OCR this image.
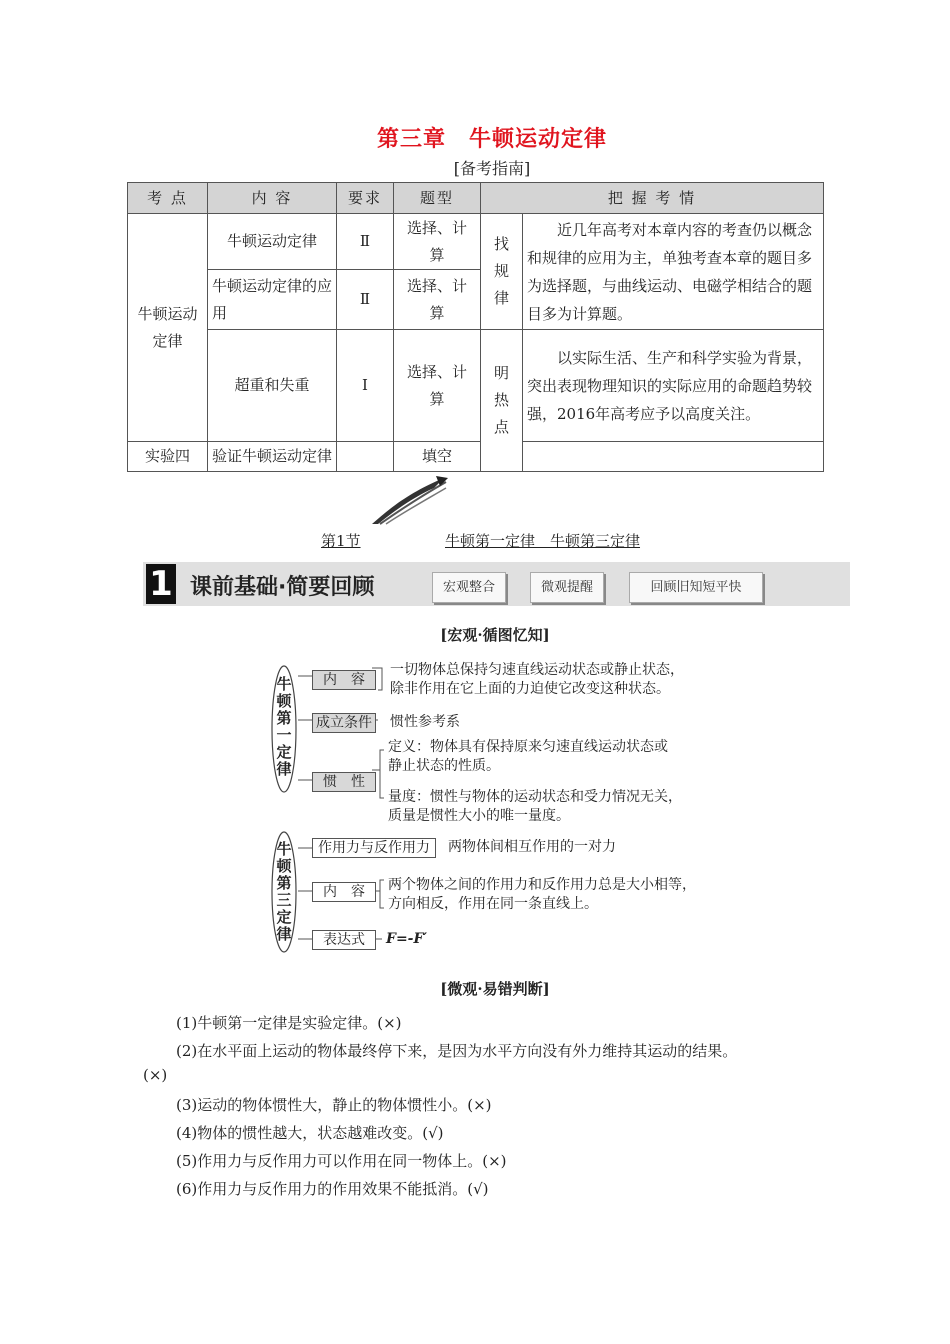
第三章　牛顿运动定律
[备考指南]
考 点	内 容	要求	题型	把 握 考 情	
牛顿运动定律	牛顿运动定律	Ⅱ	选择、计算	找规律	近几年高考对本章内容的考查仍以概念和规律的应用为主，单独考查本章的题目多为选择题，与曲线运动、电磁学相结合的题目多为计算题。
	牛顿运动定律的应用	Ⅱ	选择、计算		
	超重和失重	Ⅰ	选择、计算	明热点	以实际生活、生产和科学实验为背景，突出表现物理知识的实际应用的命题趋势较强，2016年高考应予以高度关注。
实验四	验证牛顿运动定律		填空		
第1节	牛顿第一定律　牛顿第三定律
1 课前基础·简要回顾	宏观整合	微观提醒	回顾旧知短平快
[宏观·循图忆知]
牛顿第一定律
内　容
一切物体总保持匀速直线运动状态或静止状态，
除非作用在它上面的力迫使它改变这种状态。
成立条件 惯性参考系
惯　性
定义：物体具有保持原来匀速直线运动状态或
静止状态的性质。
量度：惯性与物体的运动状态和受力情况无关，
质量是惯性大小的唯一量度。
牛顿第三定律
作用力与反作用力	两物体间相互作用的一对力
内　容	两个物体之间的作用力和反作用力总是大小相等，
方向相反，作用在同一条直线上。
表达式	F=-F′
[微观·易错判断]
(1)牛顿第一定律是实验定律。(×)
(2)在水平面上运动的物体最终停下来，是因为水平方向没有外力维持其运动的结果。
(×)
(3)运动的物体惯性大，静止的物体惯性小。(×)
(4)物体的惯性越大，状态越难改变。(√)
(5)作用力与反作用力可以作用在同一物体上。(×)
(6)作用力与反作用力的作用效果不能抵消。(√)
